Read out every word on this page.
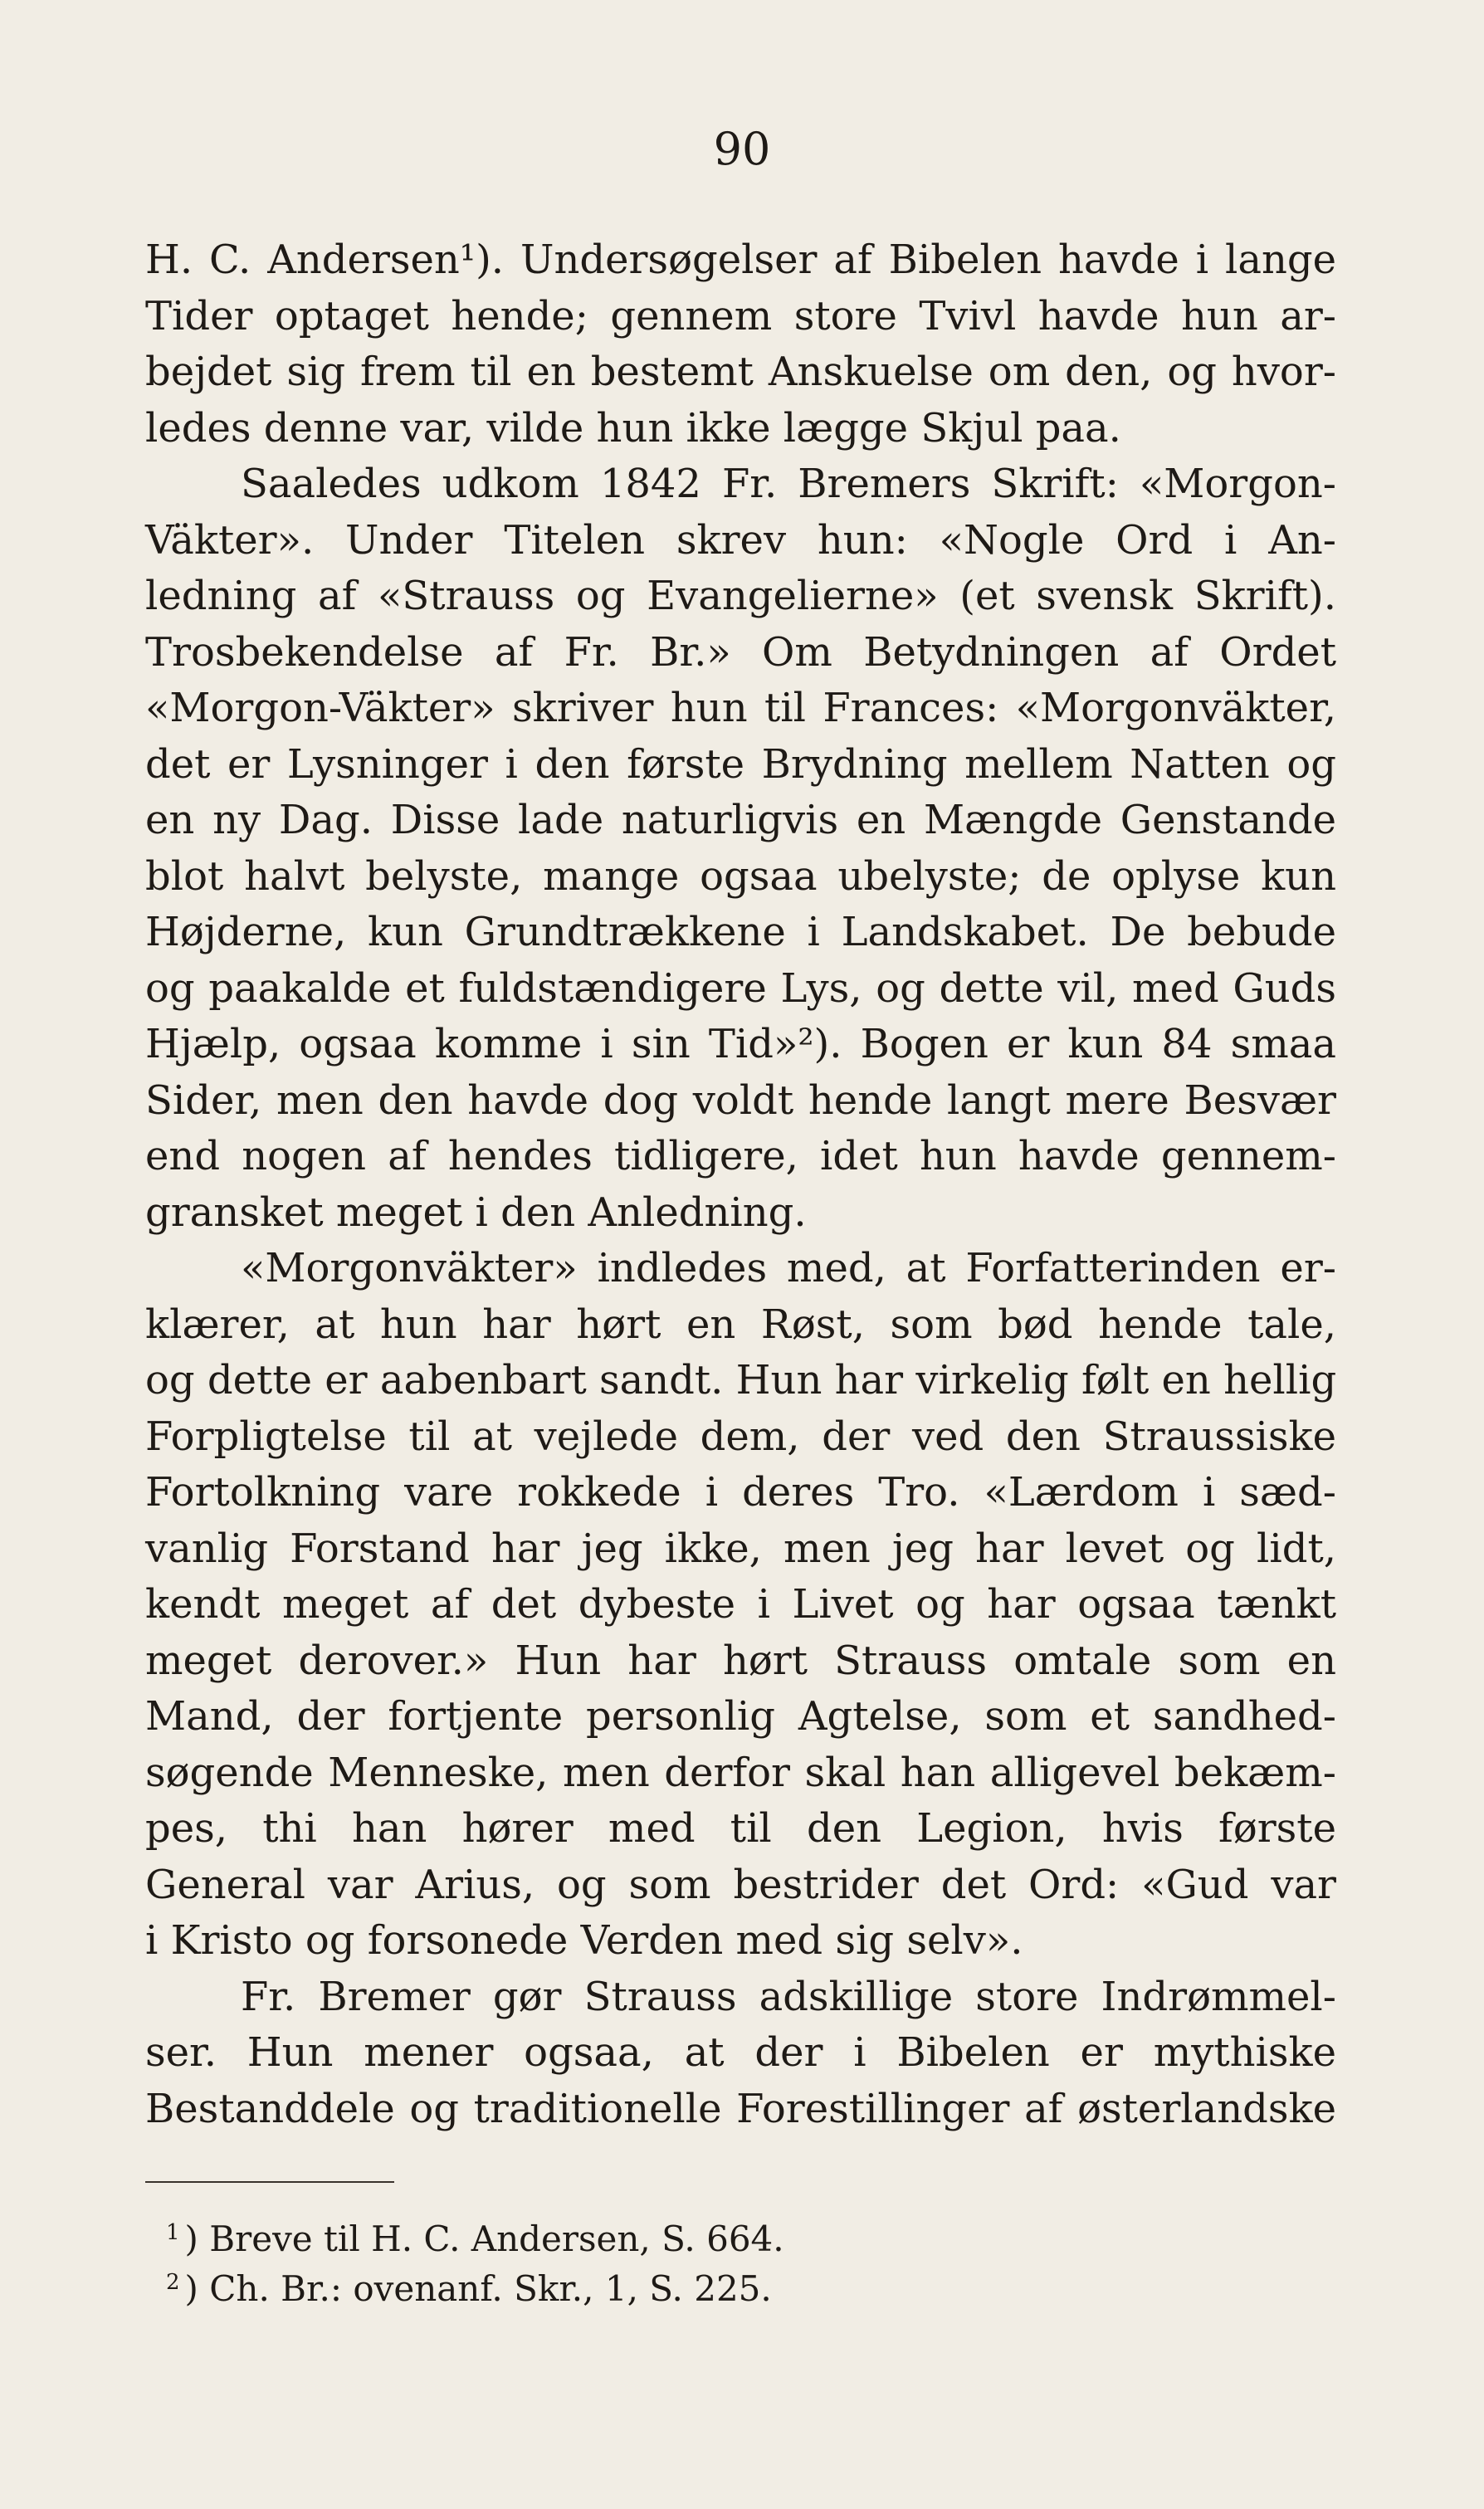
90
H. C. Andersen¹). Undersøgelser af Bibelen havde i lange
Tider optaget hende; gennem store Tvivl havde hun ar-
bejdet sig frem til en bestemt Anskuelse om den, og hvor-
ledes denne var, vilde hun ikke lægge Skjul paa.
Saaledes udkom 1842 Fr. Bremers Skrift: «Morgon-
Väkter». Under Titelen skrev hun: «Nogle Ord i An-
ledning af «Strauss og Evangelierne» (et svensk Skrift).
Trosbekendelse af Fr. Br.» Om Betydningen af Ordet
«Morgon-Väkter» skriver hun til Frances: «Morgonväkter,
det er Lysninger i den første Brydning mellem Natten og
en ny Dag. Disse lade naturligvis en Mængde Genstande
blot halvt belyste, mange ogsaa ubelyste; de oplyse kun
Højderne, kun Grundtrækkene i Landskabet. De bebude
og paakalde et fuldstændigere Lys, og dette vil, med Guds
Hjælp, ogsaa komme i sin Tid»²). Bogen er kun 84 smaa
Sider, men den havde dog voldt hende langt mere Besvær
end nogen af hendes tidligere, idet hun havde gennem-
gransket meget i den Anledning.
«Morgonväkter» indledes med, at Forfatterinden er-
klærer, at hun har hørt en Røst, som bød hende tale,
og dette er aabenbart sandt. Hun har virkelig følt en hellig
Forpligtelse til at vejlede dem, der ved den Straussiske
Fortolkning vare rokkede i deres Tro. «Lærdom i sæd-
vanlig Forstand har jeg ikke, men jeg har levet og lidt,
kendt meget af det dybeste i Livet og har ogsaa tænkt
meget derover.» Hun har hørt Strauss omtale som en
Mand, der fortjente personlig Agtelse, som et sandhed-
søgende Menneske, men derfor skal han alligevel bekæm-
pes, thi han hører med til den Legion, hvis første
General var Arius, og som bestrider det Ord: «Gud var
i Kristo og forsonede Verden med sig selv».
Fr. Bremer gør Strauss adskillige store Indrømmel-
ser. Hun mener ogsaa, at der i Bibelen er mythiske
Bestanddele og traditionelle Forestillinger af østerlandske
$^1$ ) Breve til H. C. Andersen, S. 664.
$^2$ ) Ch. Br.: ovenanf. Skr., 1, S. 225.
